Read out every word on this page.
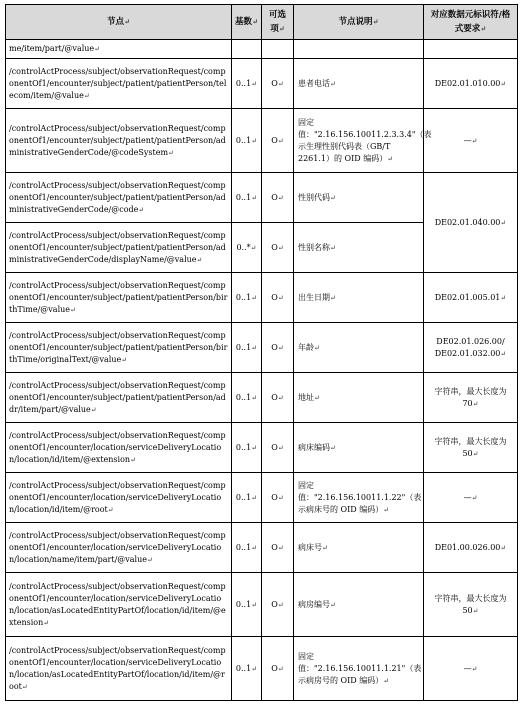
节点↵	基数↵	可选项↵	节点说明↵	对应数据元标识符/格式要求↵
me/item/part/@value↵				
/controlActProcess/subject/observationRequest/componentOf1/encounter/subject/patient/patientPerson/telecom/item/@value↵	0..1↵	O↵	患者电话↵	DE02.01.010.00↵
/controlActProcess/subject/observationRequest/componentOf1/encounter/subject/patient/patientPerson/administrativeGenderCode/@codeSystem↵	0..1↵	O↵	固定值："2.16.156.10011.2.3.3.4"（表示生理性别代码表（GB/T 2261.1）的 OID 编码）↵	—↵
/controlActProcess/subject/observationRequest/componentOf1/encounter/subject/patient/patientPerson/administrativeGenderCode/@code↵	0..1↵	O↵	性别代码↵	DE02.01.040.00↵
/controlActProcess/subject/observationRequest/componentOf1/encounter/subject/patient/patientPerson/administrativeGenderCode/displayName/@value↵	0..*↵	O↵	性别名称↵	
/controlActProcess/subject/observationRequest/componentOf1/encounter/subject/patient/patientPerson/birthTime/@value↵	0..1↵	O↵	出生日期↵	DE02.01.005.01↵
/controlActProcess/subject/observationRequest/componentOf1/encounter/subject/patient/patientPerson/birthTime/originalText/@value↵	0..1↵	O↵	年龄↵	DE02.01.026.00/ DE02.01.032.00↵
/controlActProcess/subject/observationRequest/componentOf1/encounter/subject/patient/patientPerson/addr/item/part/@value↵	0..1↵	O↵	地址↵	字符串，最大长度为 70↵
/controlActProcess/subject/observationRequest/componentOf1/encounter/location/serviceDeliveryLocation/location/id/item/@extension↵	0..1↵	O↵	病床编码↵	字符串，最大长度为 50↵
/controlActProcess/subject/observationRequest/componentOf1/encounter/location/serviceDeliveryLocation/location/id/item/@root↵	0..1↵	O↵	固定值："2.16.156.10011.1.22"（表示病床号的 OID 编码）↵	—↵
/controlActProcess/subject/observationRequest/componentOf1/encounter/location/serviceDeliveryLocation/location/name/item/part/@value↵	0..1↵	O↵	病床号↵	DE01.00.026.00↵
/controlActProcess/subject/observationRequest/componentOf1/encounter/location/serviceDeliveryLocation/location/asLocatedEntityPartOf/location/id/item/@extension↵	0..1↵	O↵	病房编号↵	字符串，最大长度为 50↵
/controlActProcess/subject/observationRequest/componentOf1/encounter/location/serviceDeliveryLocation/location/asLocatedEntityPartOf/location/id/item/@root↵	0..1↵	O↵	固定值："2.16.156.10011.1.21"（表示病房号的 OID 编码）↵	—↵
